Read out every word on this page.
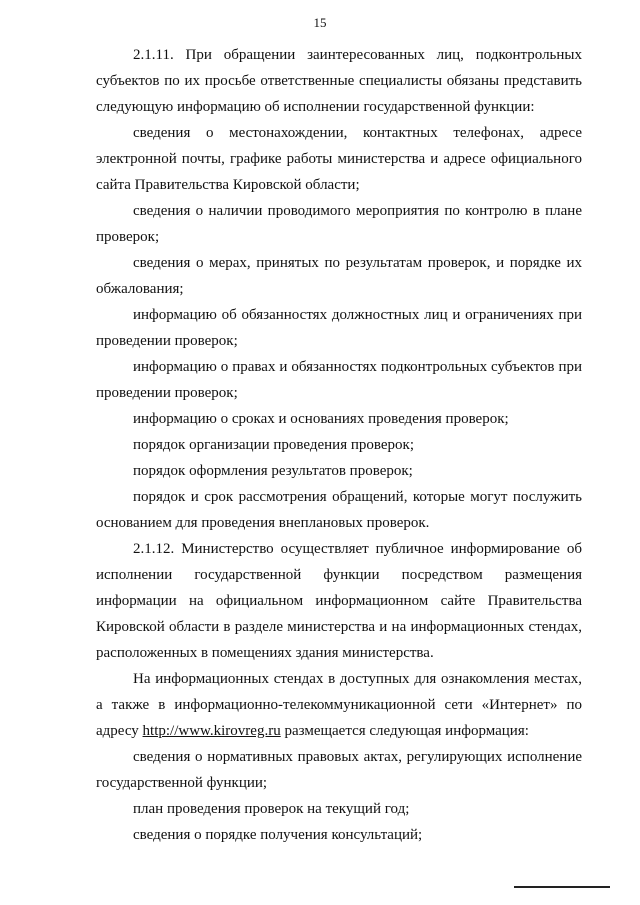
15

2.1.11. При обращении заинтересованных лиц, подконтрольных субъектов по их просьбе ответственные специалисты обязаны представить следующую информацию об исполнении государственной функции:

сведения о местонахождении, контактных телефонах, адресе электронной почты, графике работы министерства и адресе официального сайта Правительства Кировской области;

сведения о наличии проводимого мероприятия по контролю в плане проверок;

сведения о мерах, принятых по результатам проверок, и порядке их обжалования;

информацию об обязанностях должностных лиц и ограничениях при проведении проверок;

информацию о правах и обязанностях подконтрольных субъектов при проведении проверок;

информацию о сроках и основаниях проведения проверок;

порядок организации проведения проверок;

порядок оформления результатов проверок;

порядок и срок рассмотрения обращений, которые могут послужить основанием для проведения внеплановых проверок.

2.1.12. Министерство осуществляет публичное информирование об исполнении государственной функции посредством размещения информации на официальном информационном сайте Правительства Кировской области в разделе министерства и на информационных стендах, расположенных в помещениях здания министерства.

На информационных стендах в доступных для ознакомления местах, а также в информационно-телекоммуникационной сети «Интернет» по адресу http://www.kirovreg.ru размещается следующая информация:

сведения о нормативных правовых актах, регулирующих исполнение государственной функции;

план проведения проверок на текущий год;

сведения о порядке получения консультаций;
